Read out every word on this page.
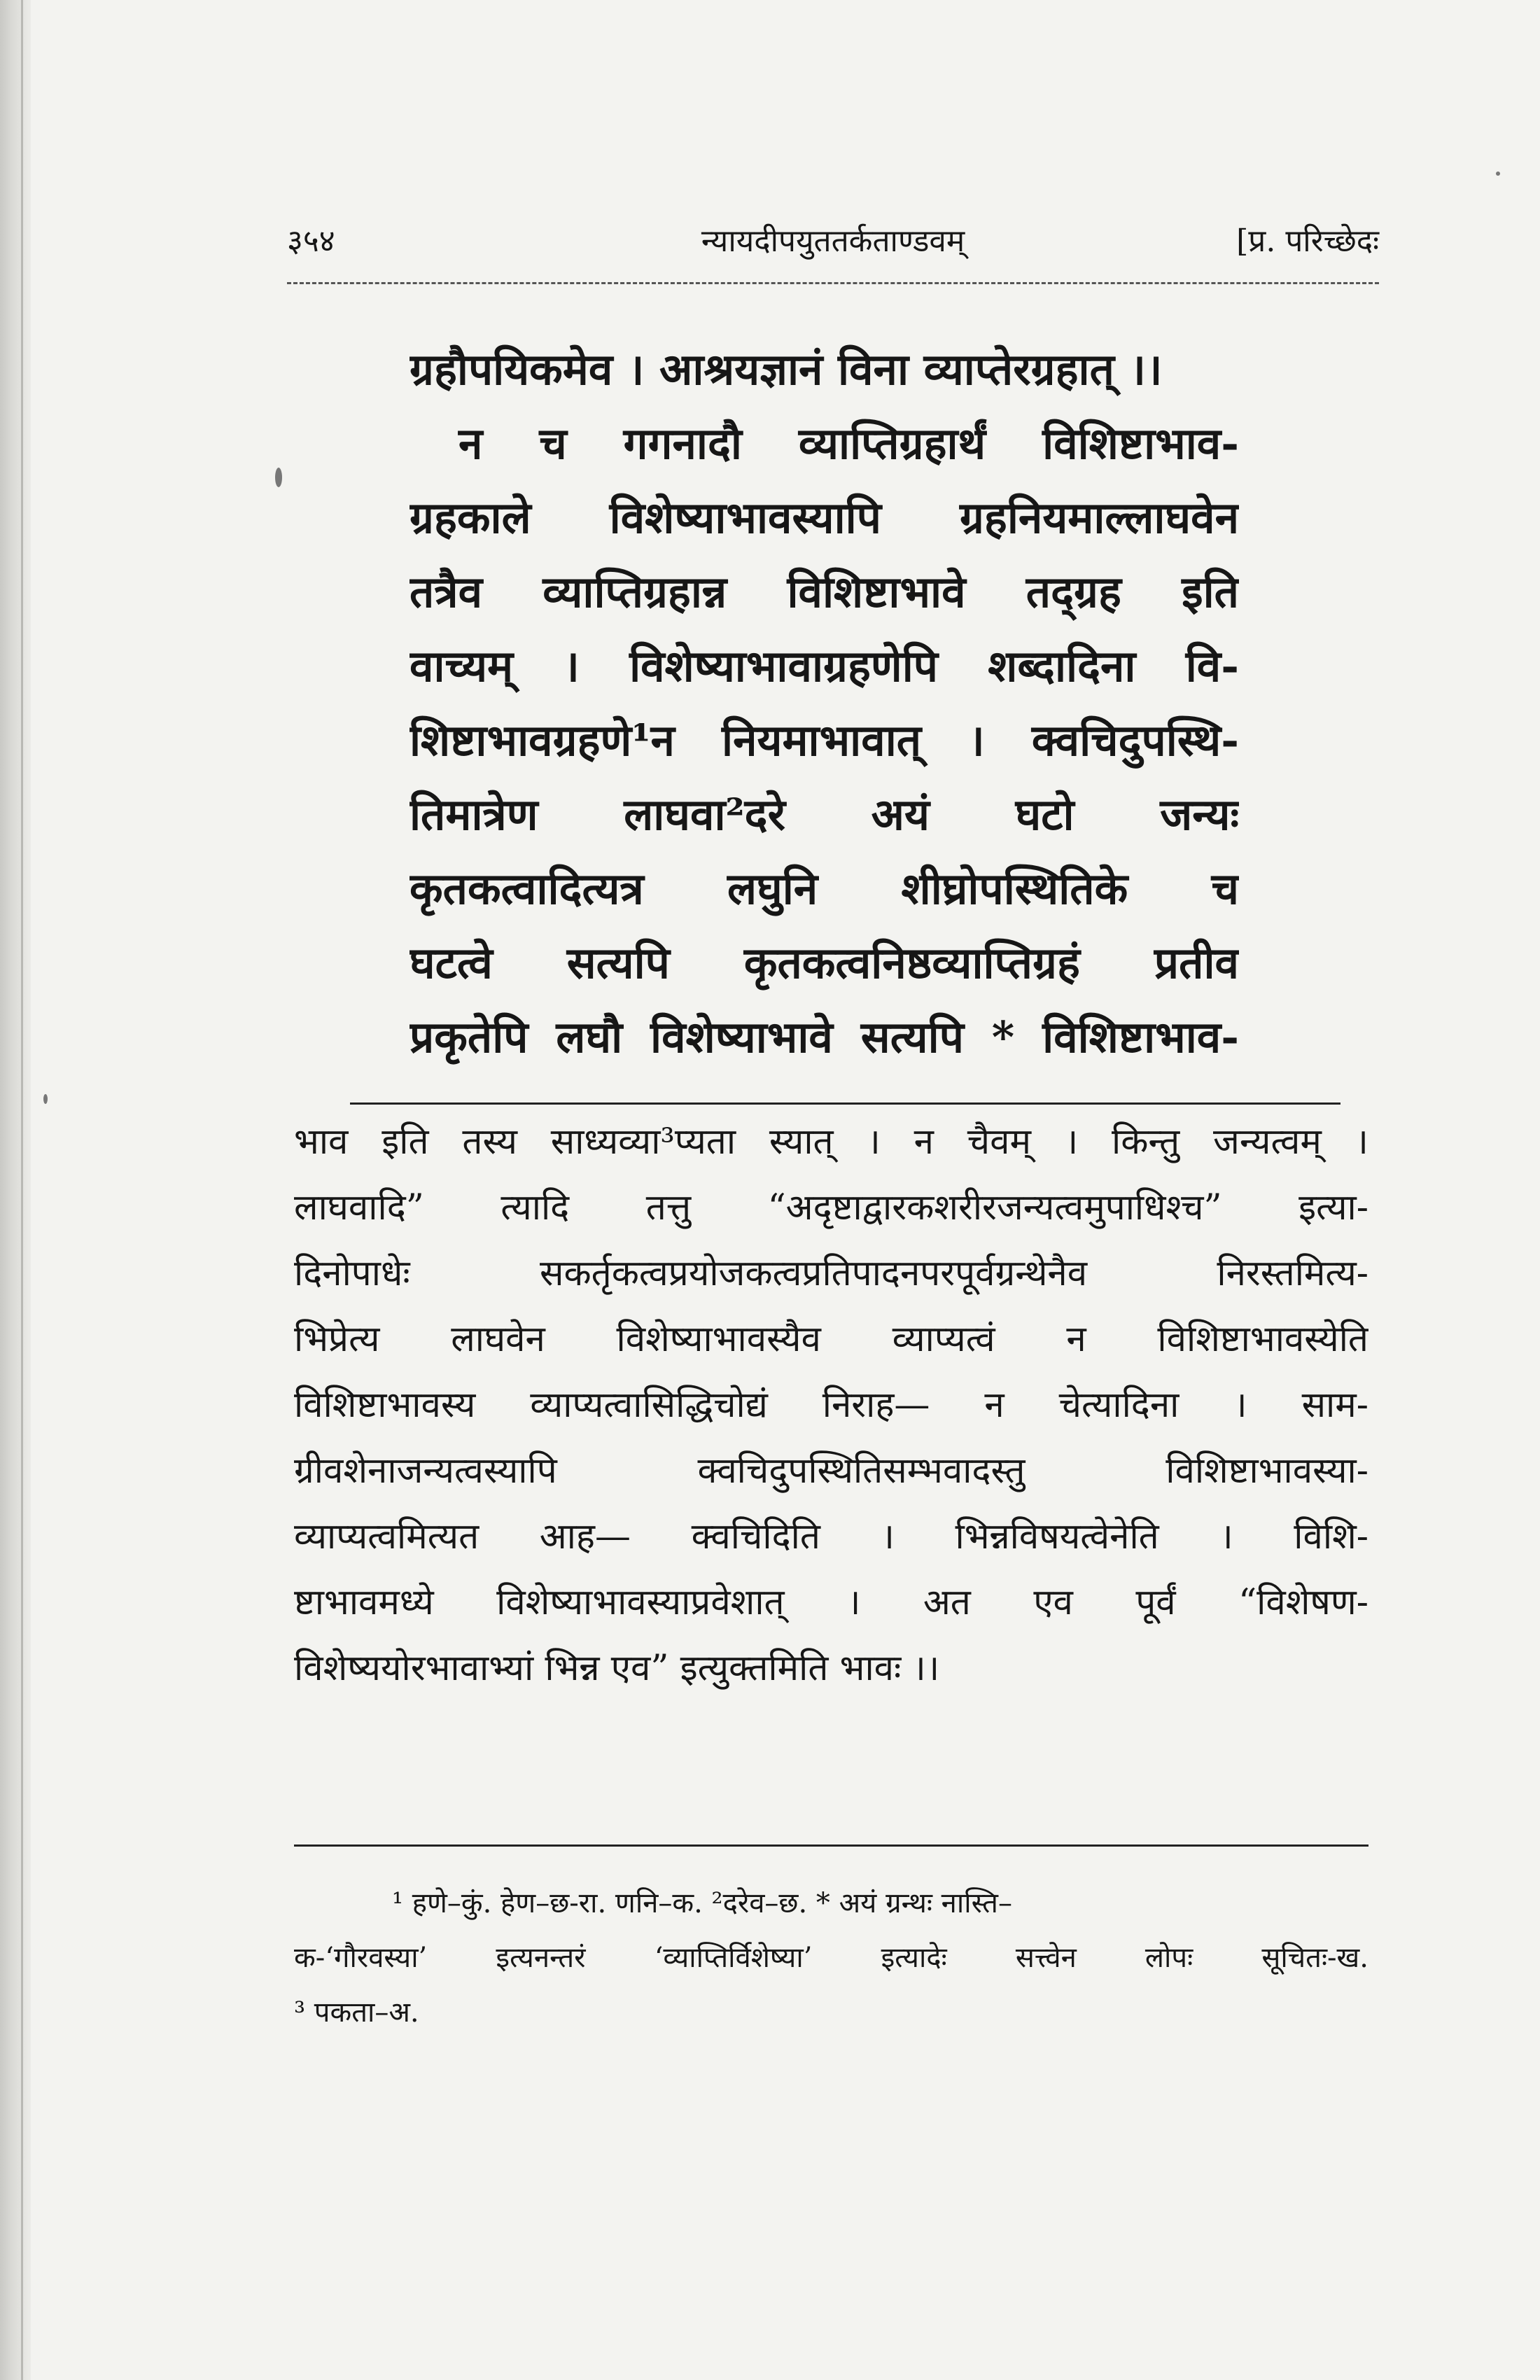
३५४	न्यायदीपयुततर्कताण्डवम्	[प्र. परिच्छेदः
ग्रहौपयिकमेव । आश्रयज्ञानं विना व्याप्तेरग्रहात् ।।
न च गगनादौ व्याप्तिग्रहार्थं विशिष्टाभाव-
ग्रहकाले विशेष्याभावस्यापि ग्रहनियमाल्लाघवेन
तत्रैव व्याप्तिग्रहान्न विशिष्टाभावे तद्ग्रह इति
वाच्यम् । विशेष्याभावाग्रहणेपि शब्दादिना वि-
शिष्टाभावग्रहणे¹न नियमाभावात् । क्वचिदुपस्थि-
तिमात्रेण लाघवा²दरे अयं घटो जन्यः
कृतकत्वादित्यत्र लघुनि शीघ्रोपस्थितिके च
घटत्वे सत्यपि कृतकत्वनिष्ठव्याप्तिग्रहं प्रतीव
प्रकृतेपि लघौ विशेष्याभावे सत्यपि * विशिष्टाभाव-
भाव इति तस्य साध्यव्या³प्यता स्यात् । न चैवम् । किन्तु जन्यत्वम् ।
लाघवादि” त्यादि तत्तु “अदृष्टाद्वारकशरीरजन्यत्वमुपाधिश्च” इत्या-
दिनोपाधेः सकर्तृकत्वप्रयोजकत्वप्रतिपादनपरपूर्वग्रन्थेनैव निरस्तमित्य-
भिप्रेत्य लाघवेन विशेष्याभावस्यैव व्याप्यत्वं न विशिष्टाभावस्येति
विशिष्टाभावस्य व्याप्यत्वासिद्धिचोद्यं निराह— न चेत्यादिना । साम-
ग्रीवशेनाजन्यत्वस्यापि क्वचिदुपस्थितिसम्भवादस्तु विशिष्टाभावस्या-
व्याप्यत्वमित्यत आह— क्वचिदिति । भिन्नविषयत्वेनेति । विशि-
ष्टाभावमध्ये विशेष्याभावस्याप्रवेशात् । अत एव पूर्वं “विशेषण-
विशेष्ययोरभावाभ्यां भिन्न एव” इत्युक्तमिति भावः ।।
¹ हणे–कुं. हेण–छ-रा. णनि–क. ²दरेव–छ. * अयं ग्रन्थः नास्ति–
क-‘गौरवस्या’ इत्यनन्तरं ‘व्याप्तिर्विशेष्या’ इत्यादेः सत्त्वेन लोपः सूचितः-ख.
³ पकता–अ.
